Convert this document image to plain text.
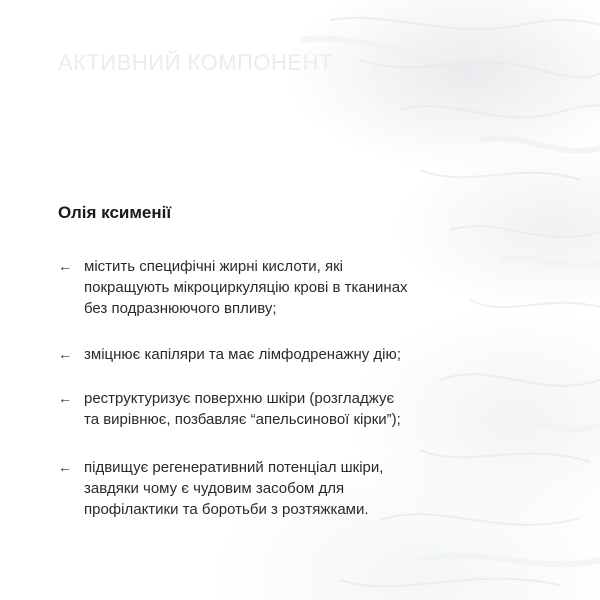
АКТИВНИЙ КОМПОНЕНТ
Олія ксименії
← містить специфічні жирні кислоти, які
покращують мікроциркуляцію крові в тканинах
без подразнюючого впливу;
← зміцнює капіляри та має лімфодренажну дію;
← реструктуризує поверхню шкіри (розгладжує
та вирівнює, позбавляє “апельсинової кірки”);
← підвищує регенеративний потенціал шкіри,
завдяки чому є чудовим засобом для
профілактики та боротьби з розтяжками.
